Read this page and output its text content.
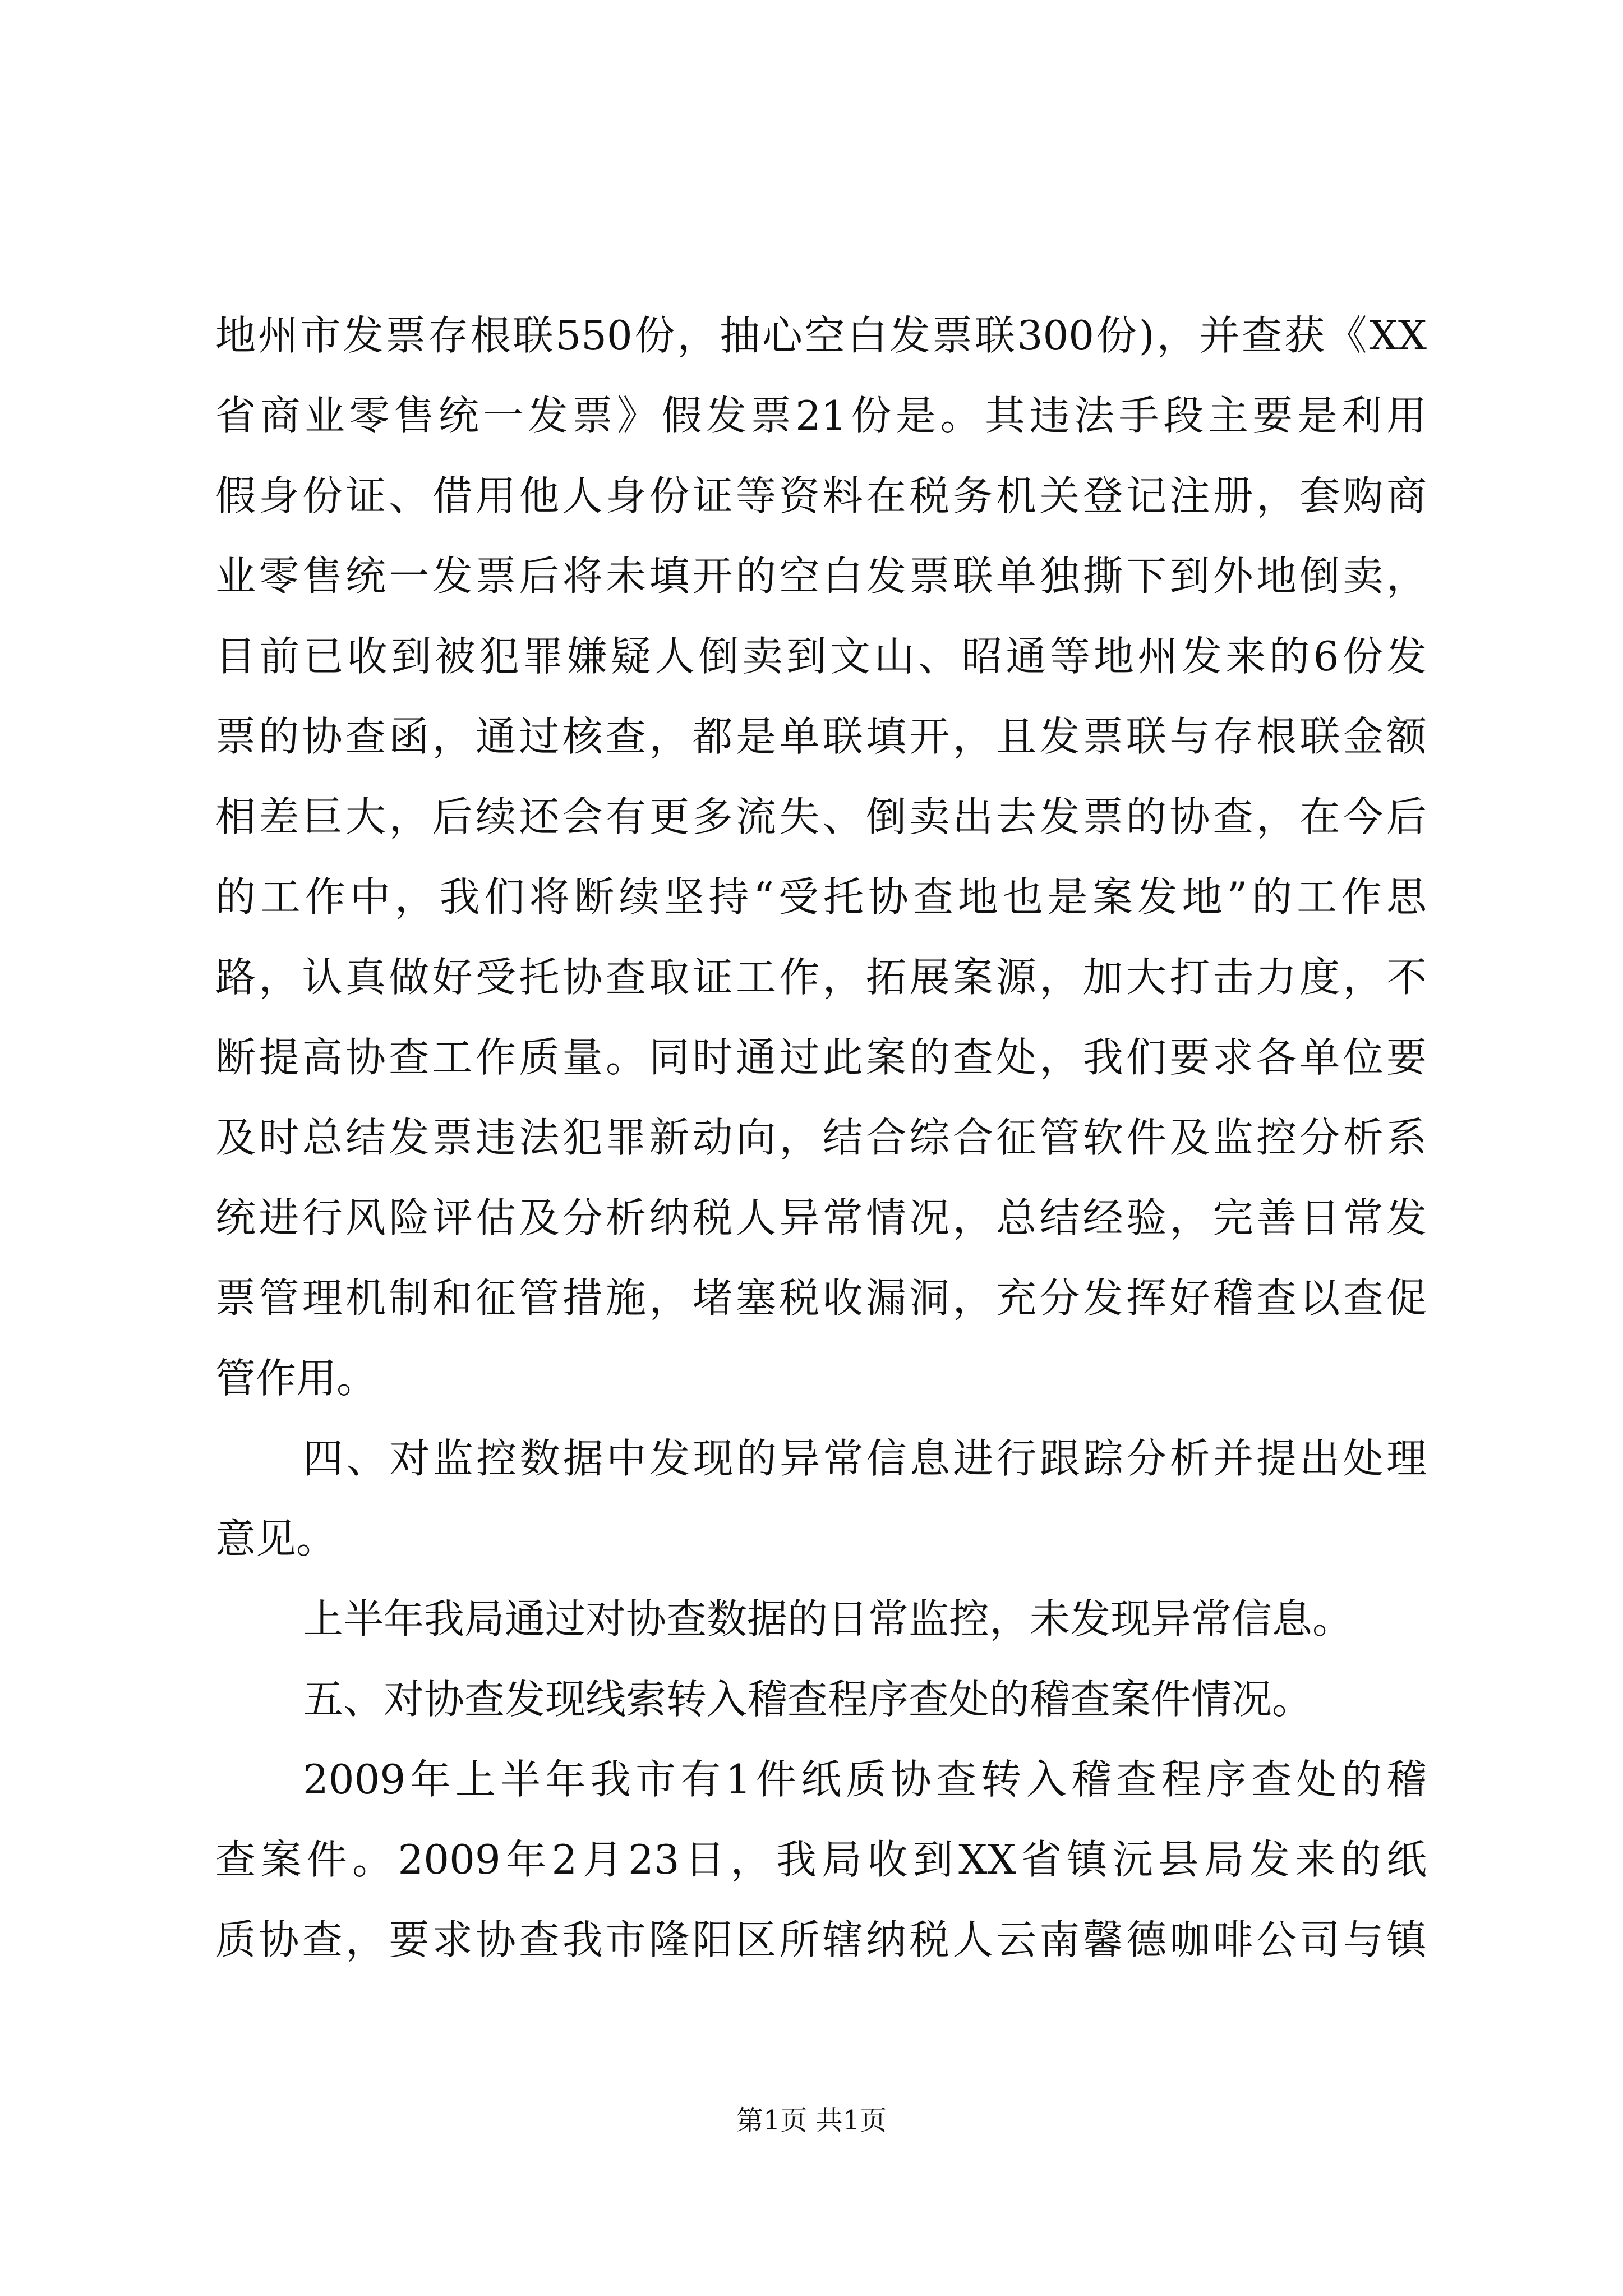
地州市发票存根联550份，抽心空白发票联300份)，并查获《XX
省商业零售统一发票》假发票21份是。其违法手段主要是利用
假身份证、借用他人身份证等资料在税务机关登记注册，套购商
业零售统一发票后将未填开的空白发票联单独撕下到外地倒卖，
目前已收到被犯罪嫌疑人倒卖到文山、昭通等地州发来的6份发
票的协查函，通过核查，都是单联填开，且发票联与存根联金额
相差巨大，后续还会有更多流失、倒卖出去发票的协查，在今后
的工作中，我们将断续坚持“受托协查地也是案发地”的工作思
路，认真做好受托协查取证工作，拓展案源，加大打击力度，不
断提高协查工作质量。同时通过此案的查处，我们要求各单位要
及时总结发票违法犯罪新动向，结合综合征管软件及监控分析系
统进行风险评估及分析纳税人异常情况，总结经验，完善日常发
票管理机制和征管措施，堵塞税收漏洞，充分发挥好稽查以查促
管作用。
四、对监控数据中发现的异常信息进行跟踪分析并提出处理
意见。
上半年我局通过对协查数据的日常监控，未发现异常信息。
五、对协查发现线索转入稽查程序查处的稽查案件情况。
2009年上半年我市有1件纸质协查转入稽查程序查处的稽
查案件。2009年2月23日，我局收到XX省镇沅县局发来的纸
质协查，要求协查我市隆阳区所辖纳税人云南馨德咖啡公司与镇
第1页 共1页
